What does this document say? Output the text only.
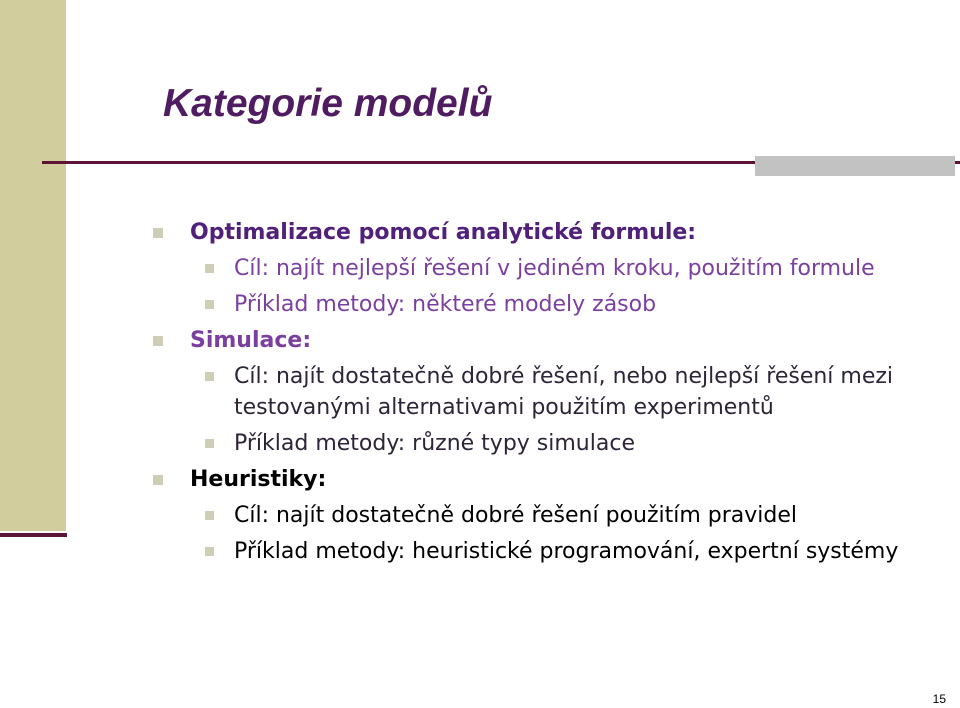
Kategorie modelů
Optimalizace pomocí analytické formule:
Cíl: najít nejlepší řešení v jediném kroku, použitím formule
Příklad metody: některé modely zásob
Simulace:
Cíl: najít dostatečně dobré řešení, nebo nejlepší řešení mezi testovanými alternativami použitím experimentů
Příklad metody: různé typy simulace
Heuristiky:
Cíl: najít dostatečně dobré řešení použitím pravidel
Příklad metody: heuristické programování, expertní systémy
15
